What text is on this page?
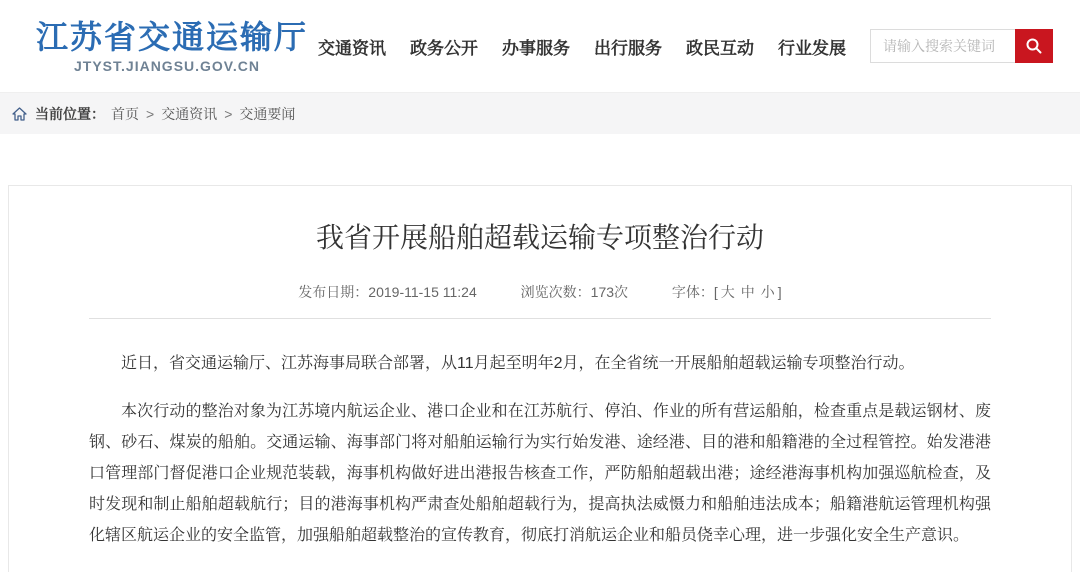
江苏省交通运输厅
JTYST.JIANGSU.GOV.CN
交通资讯 政务公开 办事服务 出行服务 政民互动 行业发展
请输入搜索关键词
当前位置： 首页 > 交通资讯 > 交通要闻
我省开展船舶超载运输专项整治行动
发布日期：2019-11-15 11:24	浏览次数：173次	字体：[ 大 中 小 ]

近日，省交通运输厅、江苏海事局联合部署，从11月起至明年2月，在全省统一开展船舶超载运输专项整治行动。

本次行动的整治对象为江苏境内航运企业、港口企业和在江苏航行、停泊、作业的所有营运船舶，检查重点是载运钢材、废钢、砂石、煤炭的船舶。交通运输、海事部门将对船舶运输行为实行始发港、途经港、目的港和船籍港的全过程管控。始发港港口管理部门督促港口企业规范装载，海事机构做好进出港报告核查工作，严防船舶超载出港；途经港海事机构加强巡航检查，及时发现和制止船舶超载航行；目的港海事机构严肃查处船舶超载行为，提高执法威慑力和船舶违法成本；船籍港航运管理机构强化辖区航运企业的安全监管，加强船舶超载整治的宣传教育，彻底打消航运企业和船员侥幸心理，进一步强化安全生产意识。
